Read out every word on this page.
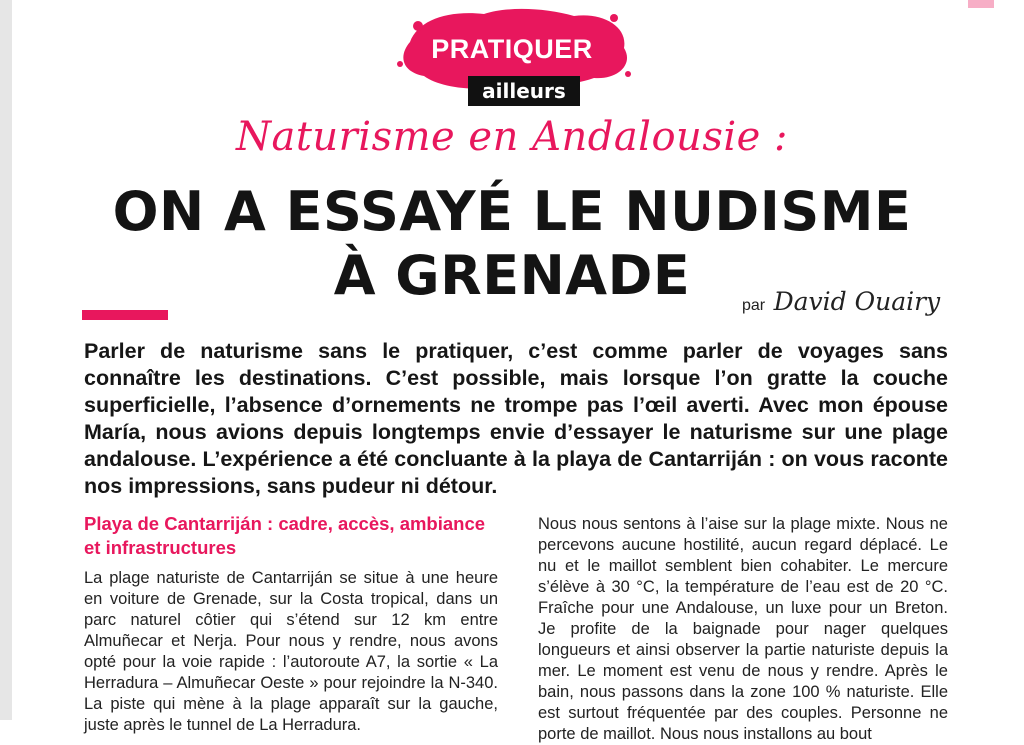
PRATIQUER
ailleurs
Naturisme en Andalousie :
ON A ESSAYÉ LE NUDISME
À GRENADE	par David Ouairy

Parler de naturisme sans le pratiquer, c’est comme parler de voyages sans connaître les destinations. C’est possible, mais lorsque l’on gratte la couche superficielle, l’absence d’ornements ne trompe pas l’œil averti. Avec mon épouse María, nous avions depuis longtemps envie d’essayer le naturisme sur une plage andalouse. L’expérience a été concluante à la playa de Cantarriján : on vous raconte nos impressions, sans pudeur ni détour.

Playa de Cantarriján : cadre, accès, ambiance et infrastructures

La plage naturiste de Cantarriján se situe à une heure en voiture de Grenade, sur la Costa tropical, dans un parc naturel côtier qui s’étend sur 12 km entre Almuñecar et Nerja. Pour nous y rendre, nous avons opté pour la voie rapide : l’autoroute A7, la sortie « La Herradura – Almuñecar Oeste » pour rejoindre la N-340. La piste qui mène à la plage apparaît sur la gauche, juste après le tunnel de La Herradura.

Nous nous sentons à l’aise sur la plage mixte. Nous ne percevons aucune hostilité, aucun regard déplacé. Le nu et le maillot semblent bien cohabiter. Le mercure s’élève à 30 °C, la température de l’eau est de 20 °C. Fraîche pour une Andalouse, un luxe pour un Breton. Je profite de la baignade pour nager quelques longueurs et ainsi observer la partie naturiste depuis la mer. Le moment est venu de nous y rendre. Après le bain, nous passons dans la zone 100 % naturiste. Elle est surtout fréquentée par des couples. Personne ne porte de maillot. Nous nous installons au bout
